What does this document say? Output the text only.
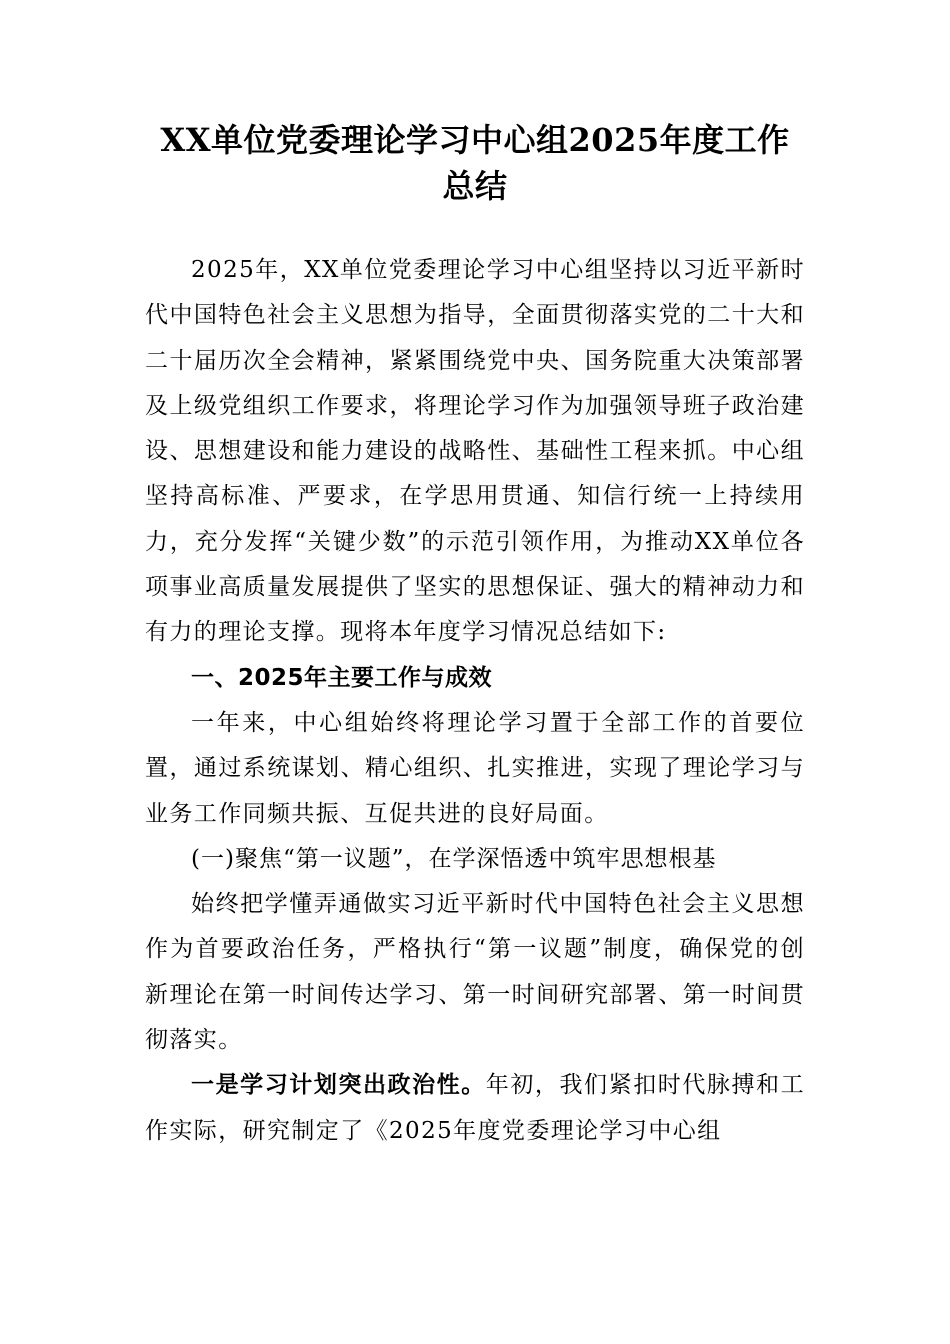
XX单位党委理论学习中心组2025年度工作总结

2025年，XX单位党委理论学习中心组坚持以习近平新时代中国特色社会主义思想为指导，全面贯彻落实党的二十大和二十届历次全会精神，紧紧围绕党中央、国务院重大决策部署及上级党组织工作要求，将理论学习作为加强领导班子政治建设、思想建设和能力建设的战略性、基础性工程来抓。中心组坚持高标准、严要求，在学思用贯通、知信行统一上持续用力，充分发挥“关键少数”的示范引领作用，为推动XX单位各项事业高质量发展提供了坚实的思想保证、强大的精神动力和有力的理论支撑。现将本年度学习情况总结如下:

一、2025年主要工作与成效

一年来，中心组始终将理论学习置于全部工作的首要位置，通过系统谋划、精心组织、扎实推进，实现了理论学习与业务工作同频共振、互促共进的良好局面。

(一)聚焦“第一议题”，在学深悟透中筑牢思想根基

始终把学懂弄通做实习近平新时代中国特色社会主义思想作为首要政治任务，严格执行“第一议题”制度，确保党的创新理论在第一时间传达学习、第一时间研究部署、第一时间贯彻落实。

一是学习计划突出政治性。年初，我们紧扣时代脉搏和工作实际，研究制定了《2025年度党委理论学习中心组
